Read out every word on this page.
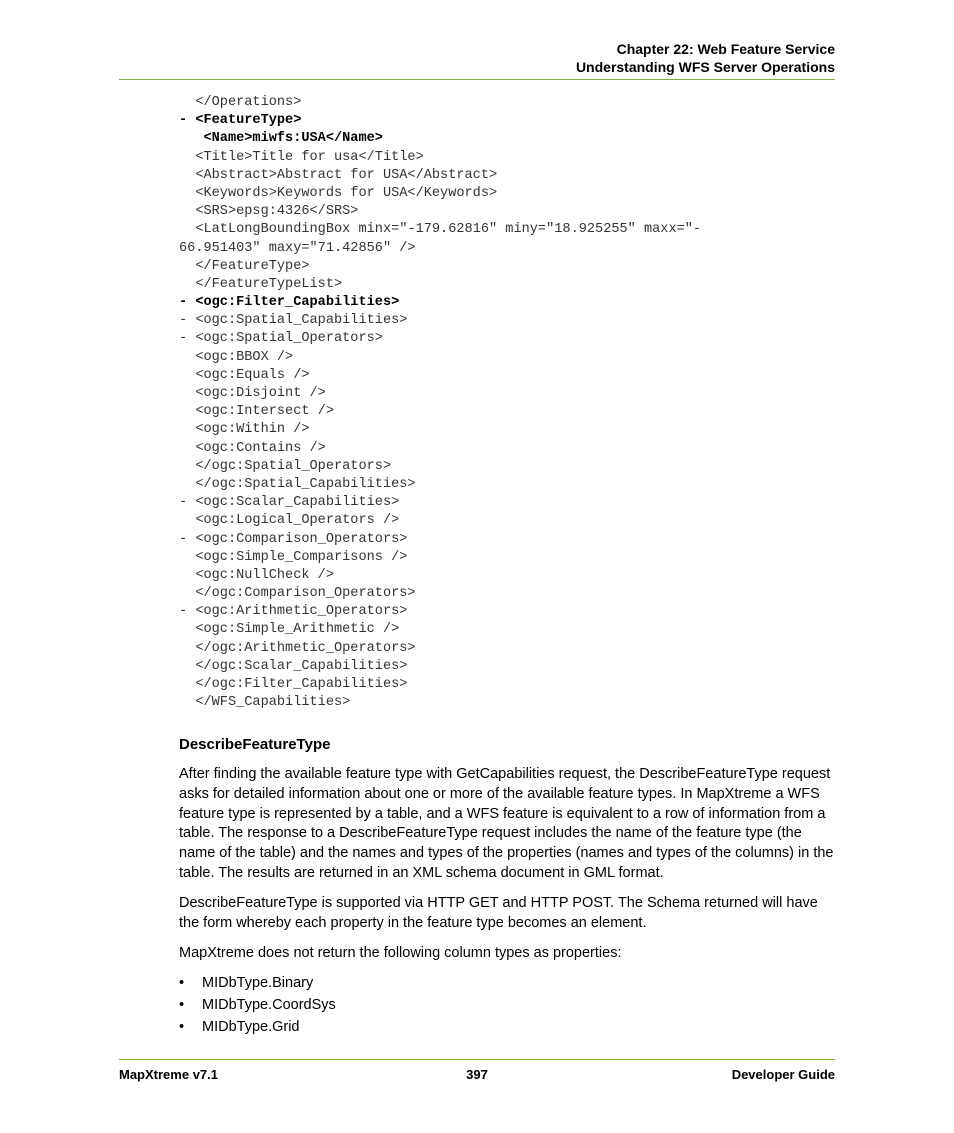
Chapter 22: Web Feature Service
Understanding WFS Server Operations
</Operations>
- <FeatureType>
<Name>miwfs:USA</Name>
<Title>Title for usa</Title>
<Abstract>Abstract for USA</Abstract>
<Keywords>Keywords for USA</Keywords>
<SRS>epsg:4326</SRS>
<LatLongBoundingBox minx="-179.62816" miny="18.925255" maxx="-
66.951403" maxy="71.42856" />
</FeatureType>
</FeatureTypeList>
- <ogc:Filter_Capabilities>
- <ogc:Spatial_Capabilities>
- <ogc:Spatial_Operators>
<ogc:BBOX />
<ogc:Equals />
<ogc:Disjoint />
<ogc:Intersect />
<ogc:Within />
<ogc:Contains />
</ogc:Spatial_Operators>
</ogc:Spatial_Capabilities>
- <ogc:Scalar_Capabilities>
<ogc:Logical_Operators />
- <ogc:Comparison_Operators>
<ogc:Simple_Comparisons />
<ogc:NullCheck />
</ogc:Comparison_Operators>
- <ogc:Arithmetic_Operators>
<ogc:Simple_Arithmetic />
</ogc:Arithmetic_Operators>
</ogc:Scalar_Capabilities>
</ogc:Filter_Capabilities>
</WFS_Capabilities>
DescribeFeatureType

After finding the available feature type with GetCapabilities request, the DescribeFeatureType request asks for detailed information about one or more of the available feature types. In MapXtreme a WFS feature type is represented by a table, and a WFS feature is equivalent to a row of information from a table. The response to a DescribeFeatureType request includes the name of the feature type (the name of the table) and the names and types of the properties (names and types of the columns) in the table. The results are returned in an XML schema document in GML format.

DescribeFeatureType is supported via HTTP GET and HTTP POST. The Schema returned will have the form whereby each property in the feature type becomes an element.

MapXtreme does not return the following column types as properties:

•	MIDbType.Binary
•	MIDbType.CoordSys
•	MIDbType.Grid
MapXtreme v7.1	397	Developer Guide
